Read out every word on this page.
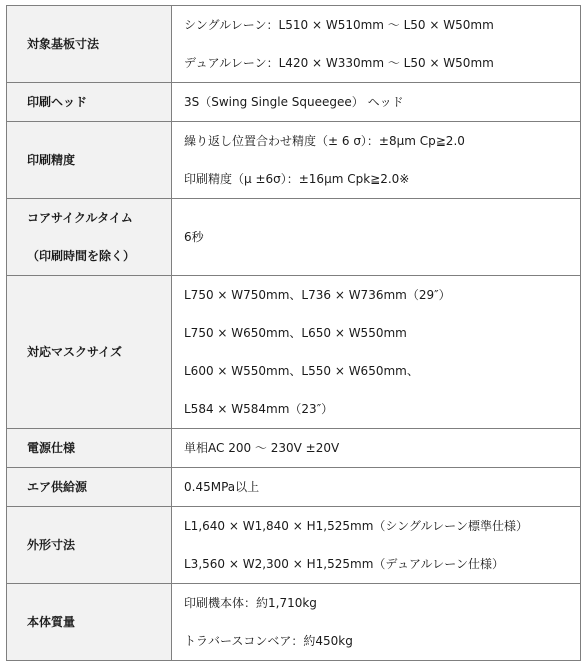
対象基板寸法	シングルレーン：L510 × W510mm ～ L50 × W50mm
デュアルレーン：L420 × W330mm ～ L50 × W50mm

印刷ヘッド	3S（Swing Single Squeegee） ヘッド

印刷精度	繰り返し位置合わせ精度（± 6 σ）：±8μm Cp≧2.0
印刷精度（μ ±6σ）：±16μm Cpk≧2.0※

コアサイクルタイム
（印刷時間を除く）	6秒

対応マスクサイズ	L750 × W750mm、L736 × W736mm（29″）
L750 × W650mm、L650 × W550mm
L600 × W550mm、L550 × W650mm、
L584 × W584mm（23″）

電源仕様	単相AC 200 ～ 230V ±20V

エア供給源	0.45MPa以上

外形寸法	L1,640 × W1,840 × H1,525mm（シングルレーン標準仕様）
L3,560 × W2,300 × H1,525mm（デュアルレーン仕様）

本体質量	印刷機本体：約1,710kg
トラバースコンベア：約450kg
